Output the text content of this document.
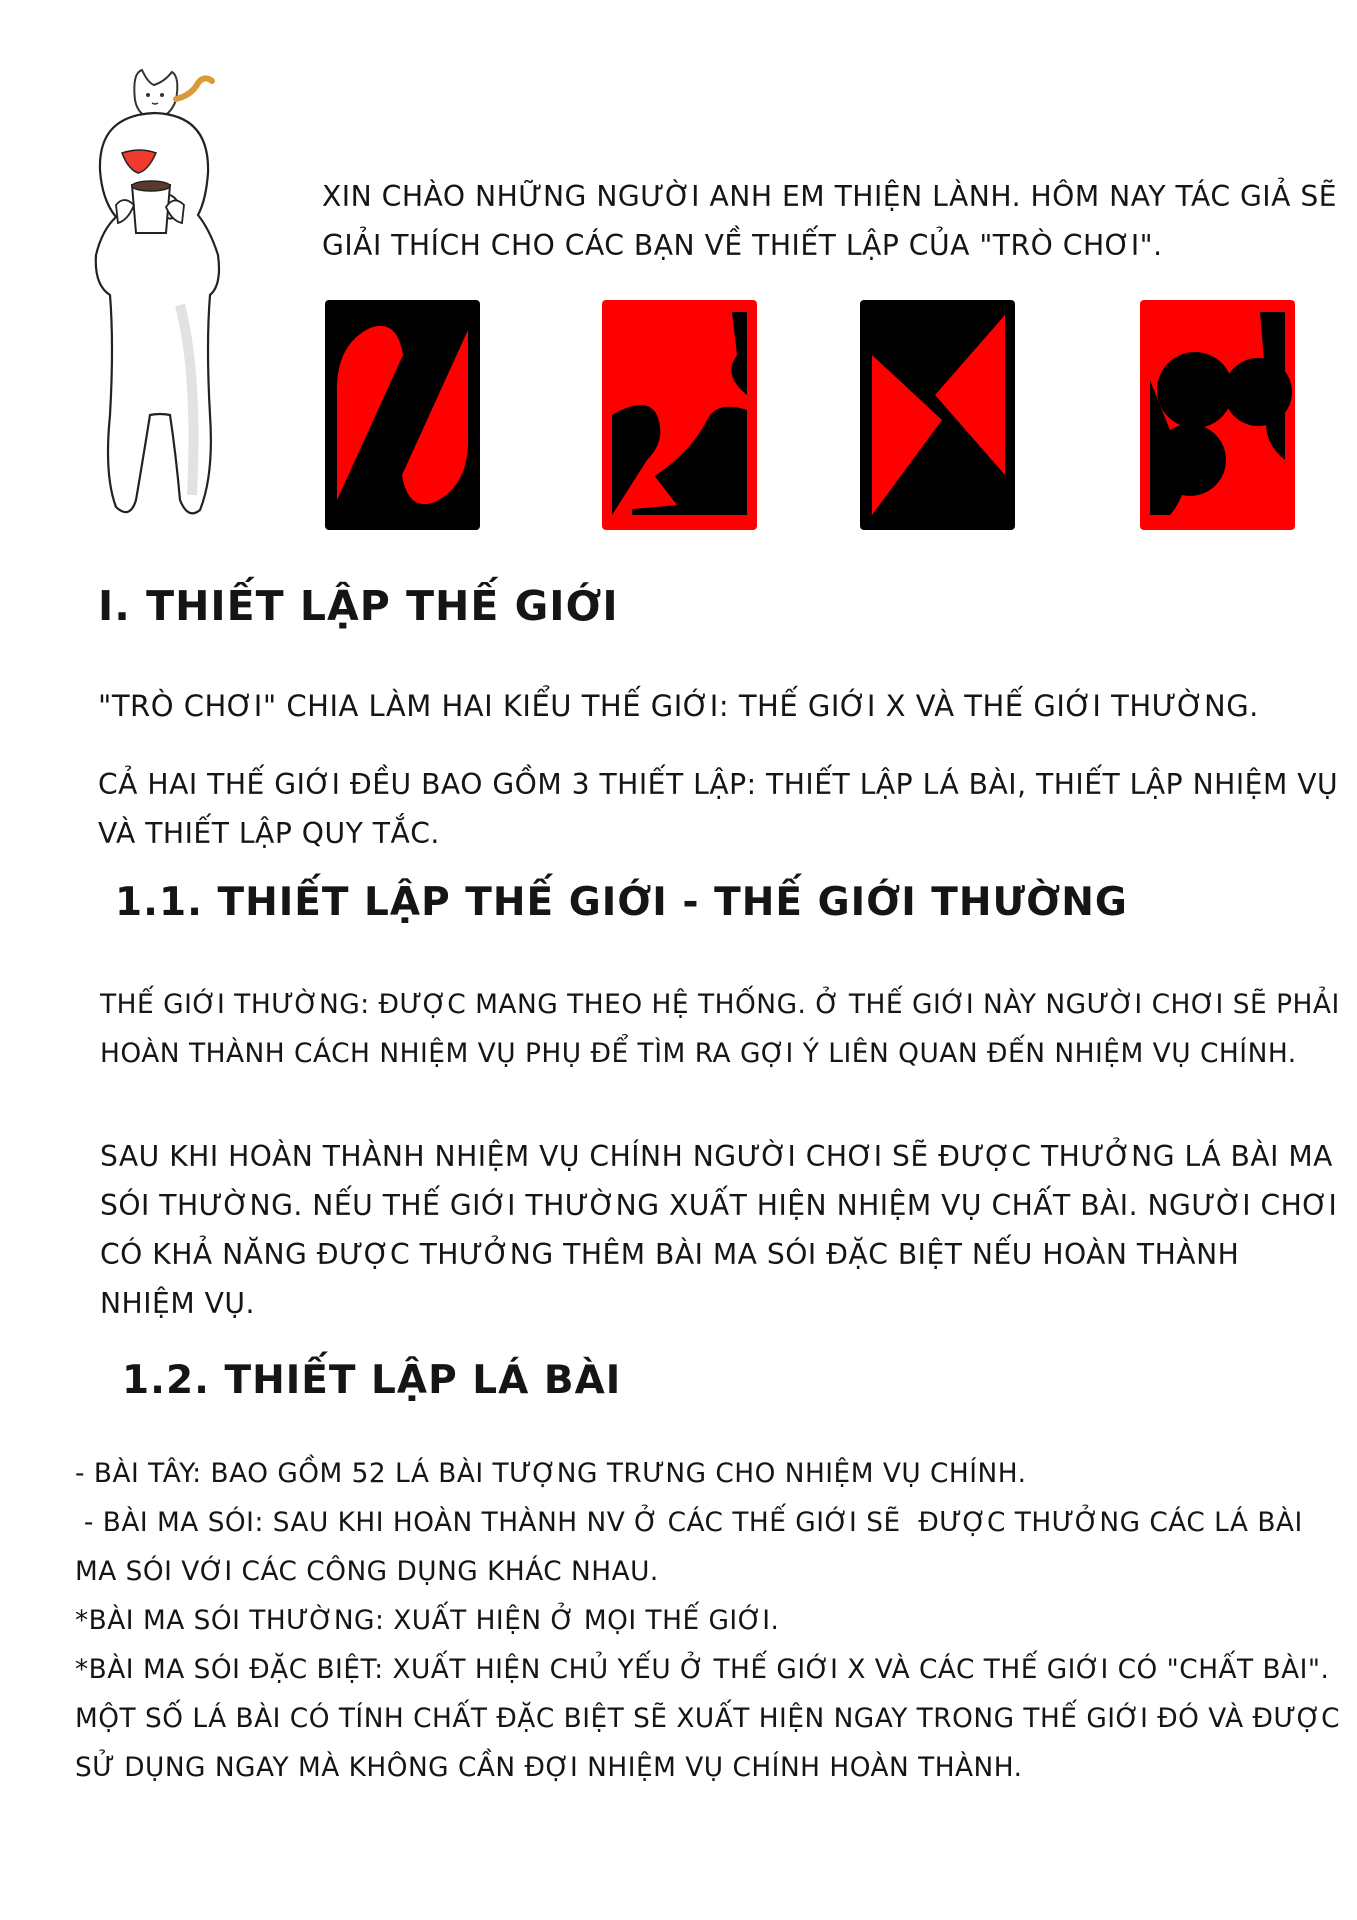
XIN CHÀO NHỮNG NGƯỜI ANH EM THIỆN LÀNH. HÔM NAY TÁC GIẢ SẼ
GIẢI THÍCH CHO CÁC BẠN VỀ THIẾT LẬP CỦA "TRÒ CHƠI".
I. THIẾT LẬP THẾ GIỚI
"TRÒ CHƠI" CHIA LÀM HAI KIỂU THẾ GIỚI: THẾ GIỚI X VÀ THẾ GIỚI THƯỜNG.
CẢ HAI THẾ GIỚI ĐỀU BAO GỒM 3 THIẾT LẬP: THIẾT LẬP LÁ BÀI, THIẾT LẬP NHIỆM VỤ
VÀ THIẾT LẬP QUY TẮC.
1.1. THIẾT LẬP THẾ GIỚI - THẾ GIỚI THƯỜNG
THẾ GIỚI THƯỜNG: ĐƯỢC MANG THEO HỆ THỐNG. Ở THẾ GIỚI NÀY NGƯỜI CHƠI SẼ PHẢI
HOÀN THÀNH CÁCH NHIỆM VỤ PHỤ ĐỂ TÌM RA GỢI Ý LIÊN QUAN ĐẾN NHIỆM VỤ CHÍNH.
SAU KHI HOÀN THÀNH NHIỆM VỤ CHÍNH NGƯỜI CHƠI SẼ ĐƯỢC THƯỞNG LÁ BÀI MA
SÓI THƯỜNG. NẾU THẾ GIỚI THƯỜNG XUẤT HIỆN NHIỆM VỤ CHẤT BÀI. NGƯỜI CHƠI
CÓ KHẢ NĂNG ĐƯỢC THƯỞNG THÊM BÀI MA SÓI ĐẶC BIỆT NẾU HOÀN THÀNH
NHIỆM VỤ.
1.2. THIẾT LẬP LÁ BÀI
- BÀI TÂY: BAO GỒM 52 LÁ BÀI TƯỢNG TRƯNG CHO NHIỆM VỤ CHÍNH.
- BÀI MA SÓI: SAU KHI HOÀN THÀNH NV Ở CÁC THẾ GIỚI SẼ  ĐƯỢC THƯỞNG CÁC LÁ BÀI
MA SÓI VỚI CÁC CÔNG DỤNG KHÁC NHAU.
*BÀI MA SÓI THƯỜNG: XUẤT HIỆN Ở MỌI THẾ GIỚI.
*BÀI MA SÓI ĐẶC BIỆT: XUẤT HIỆN CHỦ YẾU Ở THẾ GIỚI X VÀ CÁC THẾ GIỚI CÓ "CHẤT BÀI".
MỘT SỐ LÁ BÀI CÓ TÍNH CHẤT ĐẶC BIỆT SẼ XUẤT HIỆN NGAY TRONG THẾ GIỚI ĐÓ VÀ ĐƯỢC
SỬ DỤNG NGAY MÀ KHÔNG CẦN ĐỢI NHIỆM VỤ CHÍNH HOÀN THÀNH.
